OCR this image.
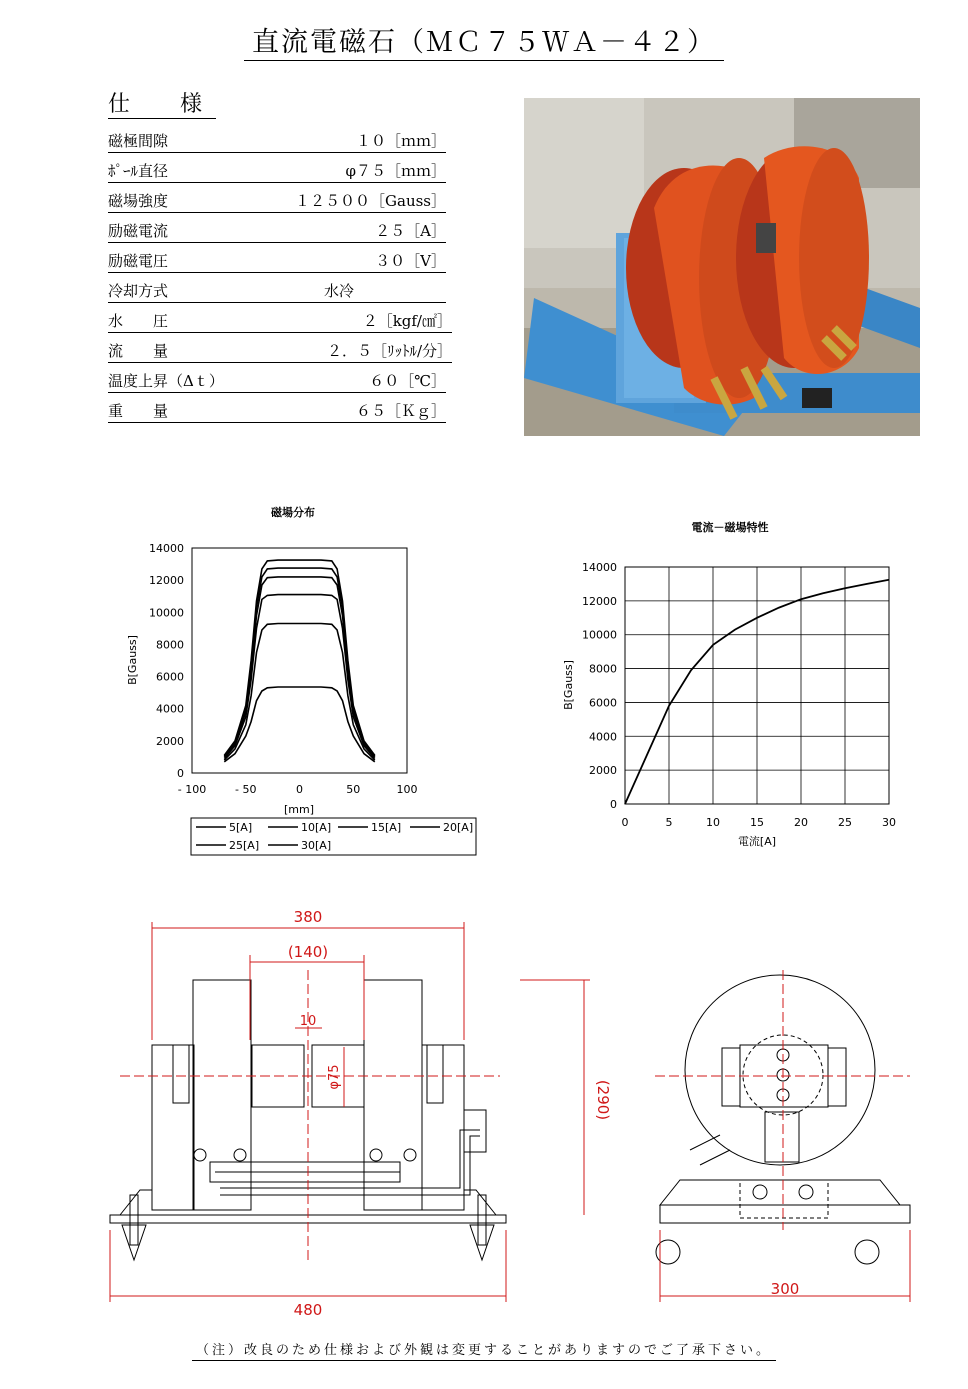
直流電磁石（ＭＣ７５ＷＡ－４２）
仕　様
磁極間隙	１０［ｍｍ］
ﾎﾟｰﾙ直径	φ７５［ｍｍ］
磁場強度	１２５００［Gauss］
励磁電流	２５［A］
励磁電圧	３０［V］
冷却方式	水冷
水　　圧	２［kgf/㎠］
流　　量	２．５［ﾘｯﾄﾙ/分］
温度上昇（Δｔ）	６０［℃］
重　　量	６５［Ｋｇ］
磁場分布
0
2000
4000
6000
8000
10000
12000
14000
- 100	- 50	0	50	100
B[Gauss]
[mm]
5[A]	10[A]	15[A]	20[A]
25[A]	30[A]
電流－磁場特性
0
2000
4000
6000
8000
10000
12000
14000
0	5	10	15	20	25	30
B[Gauss]
電流[A]
380
(140)
10
φ75
(290)
480
300
（注）改良のため仕様および外観は変更することがありますのでご了承下さい。
